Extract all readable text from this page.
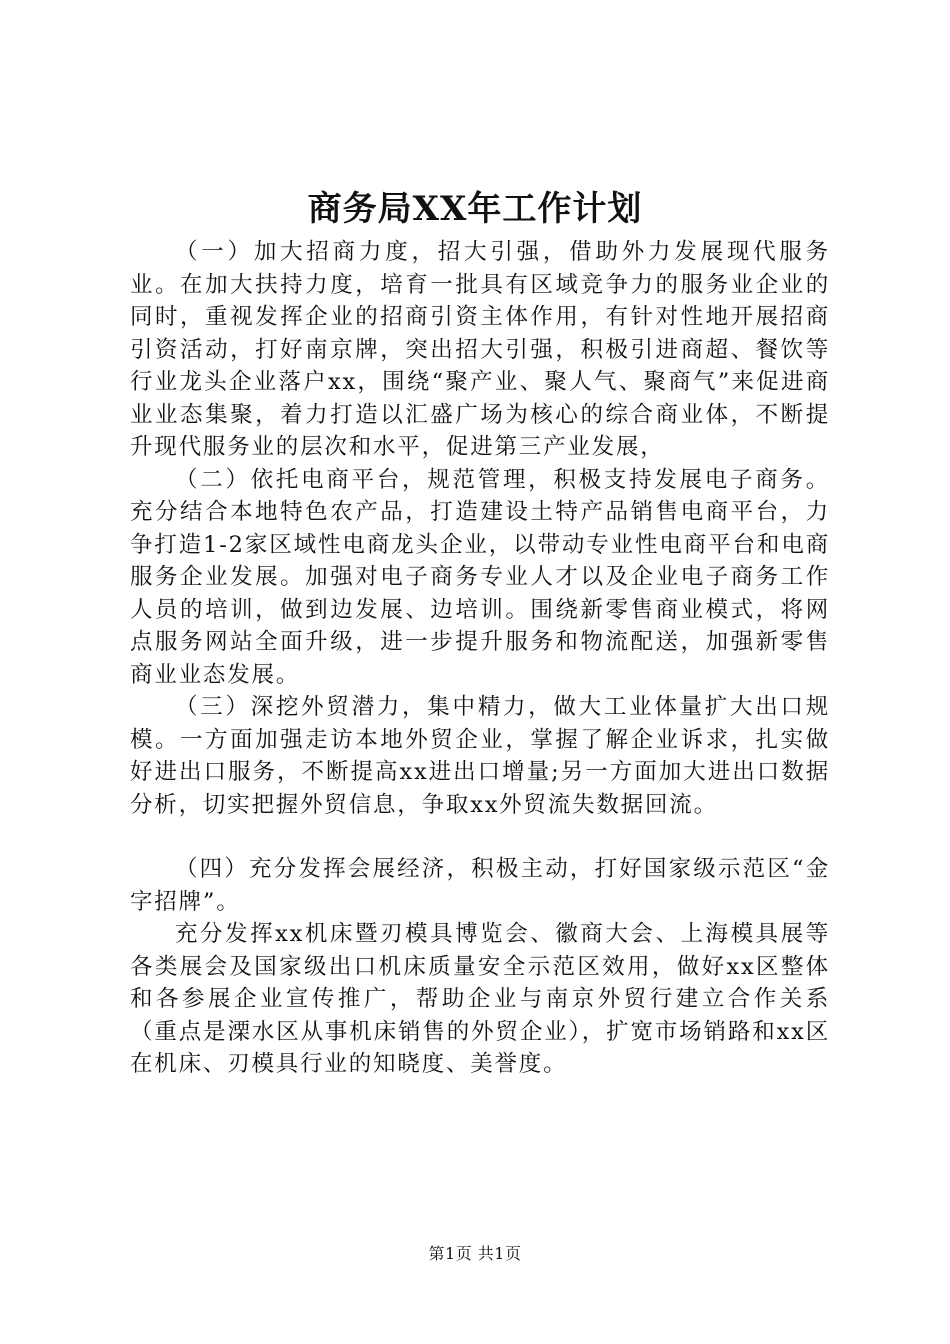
商务局XX年工作计划

（一）加大招商力度，招大引强，借助外力发展现代服务业。在加大扶持力度，培育一批具有区域竞争力的服务业企业的同时，重视发挥企业的招商引资主体作用，有针对性地开展招商引资活动，打好南京牌，突出招大引强，积极引进商超、餐饮等行业龙头企业落户xx，围绕“聚产业、聚人气、聚商气”来促进商业业态集聚，着力打造以汇盛广场为核心的综合商业体，不断提升现代服务业的层次和水平，促进第三产业发展，

（二）依托电商平台，规范管理，积极支持发展电子商务。充分结合本地特色农产品，打造建设土特产品销售电商平台，力争打造1-2家区域性电商龙头企业，以带动专业性电商平台和电商服务企业发展。加强对电子商务专业人才以及企业电子商务工作人员的培训，做到边发展、边培训。围绕新零售商业模式，将网点服务网站全面升级，进一步提升服务和物流配送，加强新零售商业业态发展。

（三）深挖外贸潜力，集中精力，做大工业体量扩大出口规模。一方面加强走访本地外贸企业，掌握了解企业诉求，扎实做好进出口服务，不断提高xx进出口增量;另一方面加大进出口数据分析，切实把握外贸信息，争取xx外贸流失数据回流。

（四）充分发挥会展经济，积极主动，打好国家级示范区“金字招牌”。

充分发挥xx机床暨刃模具博览会、徽商大会、上海模具展等各类展会及国家级出口机床质量安全示范区效用，做好xx区整体和各参展企业宣传推广，帮助企业与南京外贸行建立合作关系（重点是溧水区从事机床销售的外贸企业），扩宽市场销路和xx区在机床、刃模具行业的知晓度、美誉度。

第1页 共1页
